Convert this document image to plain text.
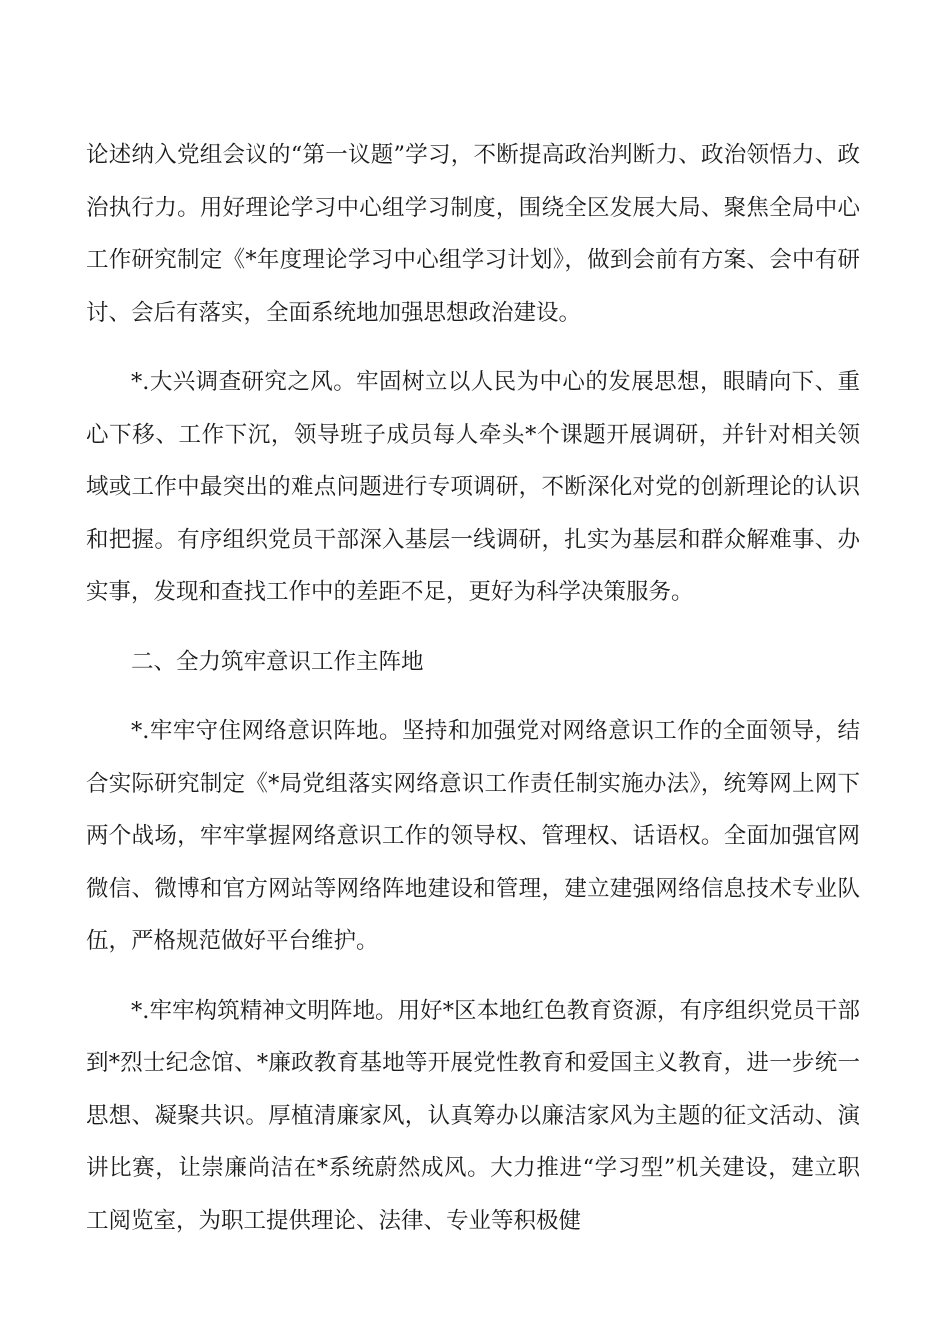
论述纳入党组会议的“第一议题”学习，不断提高政治判断力、政治领悟力、政治执行力。用好理论学习中心组学习制度，围绕全区发展大局、聚焦全局中心工作研究制定《*年度理论学习中心组学习计划》，做到会前有方案、会中有研讨、会后有落实，全面系统地加强思想政治建设。

*.大兴调查研究之风。牢固树立以人民为中心的发展思想，眼睛向下、重心下移、工作下沉，领导班子成员每人牵头*个课题开展调研，并针对相关领域或工作中最突出的难点问题进行专项调研，不断深化对党的创新理论的认识和把握。有序组织党员干部深入基层一线调研，扎实为基层和群众解难事、办实事，发现和查找工作中的差距不足，更好为科学决策服务。

二、全力筑牢意识工作主阵地

*.牢牢守住网络意识阵地。坚持和加强党对网络意识工作的全面领导，结合实际研究制定《*局党组落实网络意识工作责任制实施办法》，统筹网上网下两个战场，牢牢掌握网络意识工作的领导权、管理权、话语权。全面加强官网微信、微博和官方网站等网络阵地建设和管理，建立建强网络信息技术专业队伍，严格规范做好平台维护。

*.牢牢构筑精神文明阵地。用好*区本地红色教育资源，有序组织党员干部到*烈士纪念馆、*廉政教育基地等开展党性教育和爱国主义教育，进一步统一思想、凝聚共识。厚植清廉家风，认真筹办以廉洁家风为主题的征文活动、演讲比赛，让崇廉尚洁在*系统蔚然成风。大力推进“学习型”机关建设，建立职工阅览室，为职工提供理论、法律、专业等积极健
